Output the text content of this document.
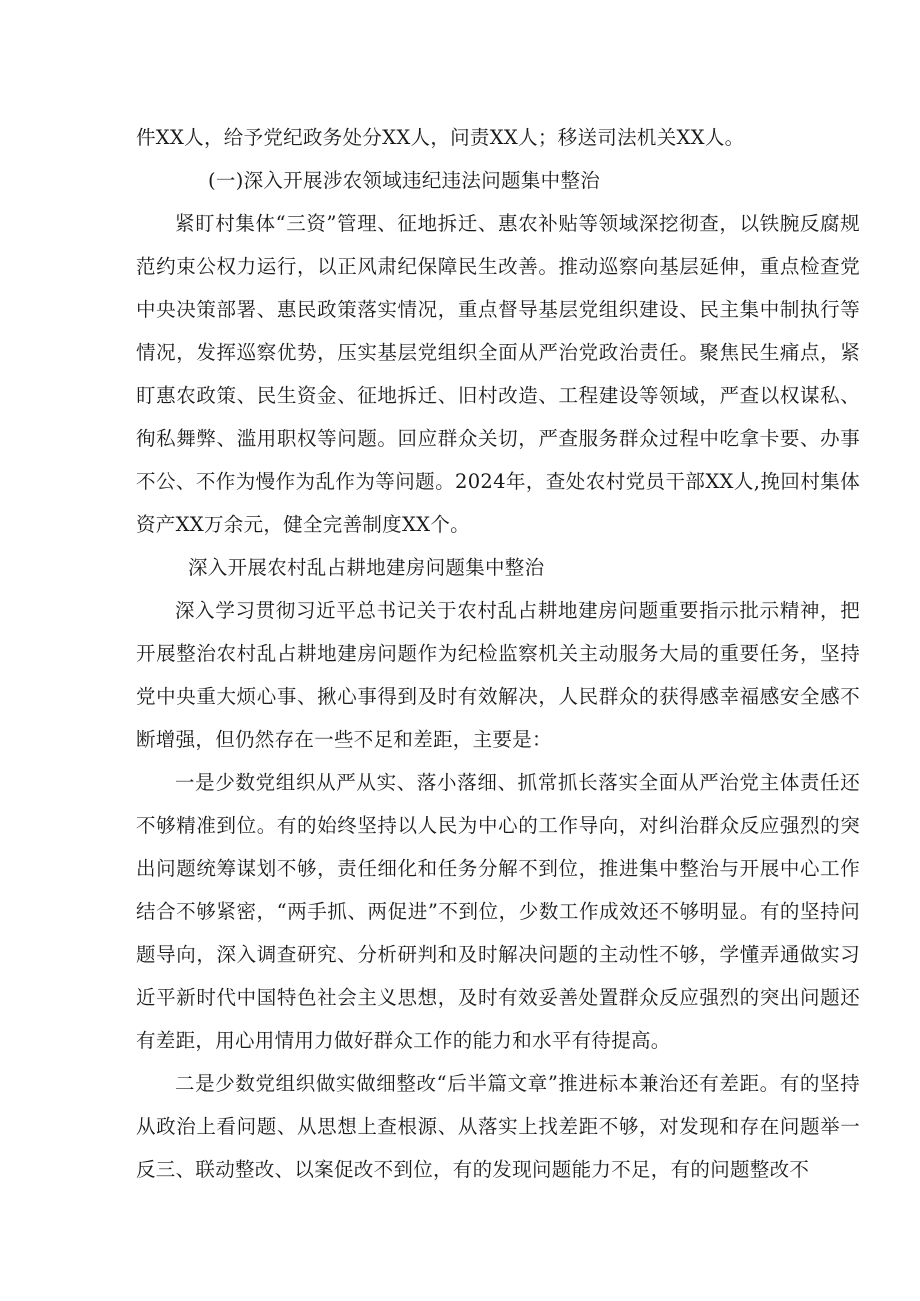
件XX人，给予党纪政务处分XX人，问责XX人；移送司法机关XX人。

(一)深入开展涉农领域违纪违法问题集中整治

紧盯村集体“三资”管理、征地拆迁、惠农补贴等领域深挖彻查，以铁腕反腐规范约束公权力运行，以正风肃纪保障民生改善。推动巡察向基层延伸，重点检查党中央决策部署、惠民政策落实情况，重点督导基层党组织建设、民主集中制执行等情况，发挥巡察优势，压实基层党组织全面从严治党政治责任。聚焦民生痛点，紧盯惠农政策、民生资金、征地拆迁、旧村改造、工程建设等领域，严查以权谋私、徇私舞弊、滥用职权等问题。回应群众关切，严查服务群众过程中吃拿卡要、办事不公、不作为慢作为乱作为等问题。2024年，查处农村党员干部XX人,挽回村集体资产XX万余元，健全完善制度XX个。

深入开展农村乱占耕地建房问题集中整治

深入学习贯彻习近平总书记关于农村乱占耕地建房问题重要指示批示精神，把开展整治农村乱占耕地建房问题作为纪检监察机关主动服务大局的重要任务，坚持党中央重大烦心事、揪心事得到及时有效解决，人民群众的获得感幸福感安全感不断增强，但仍然存在一些不足和差距，主要是：

一是少数党组织从严从实、落小落细、抓常抓长落实全面从严治党主体责任还不够精准到位。有的始终坚持以人民为中心的工作导向，对纠治群众反应强烈的突出问题统筹谋划不够，责任细化和任务分解不到位，推进集中整治与开展中心工作结合不够紧密，“两手抓、两促进”不到位，少数工作成效还不够明显。有的坚持问题导向，深入调查研究、分析研判和及时解决问题的主动性不够，学懂弄通做实习近平新时代中国特色社会主义思想，及时有效妥善处置群众反应强烈的突出问题还有差距，用心用情用力做好群众工作的能力和水平有待提高。

二是少数党组织做实做细整改“后半篇文章”推进标本兼治还有差距。有的坚持从政治上看问题、从思想上查根源、从落实上找差距不够，对发现和存在问题举一反三、联动整改、以案促改不到位，有的发现问题能力不足，有的问题整改不
